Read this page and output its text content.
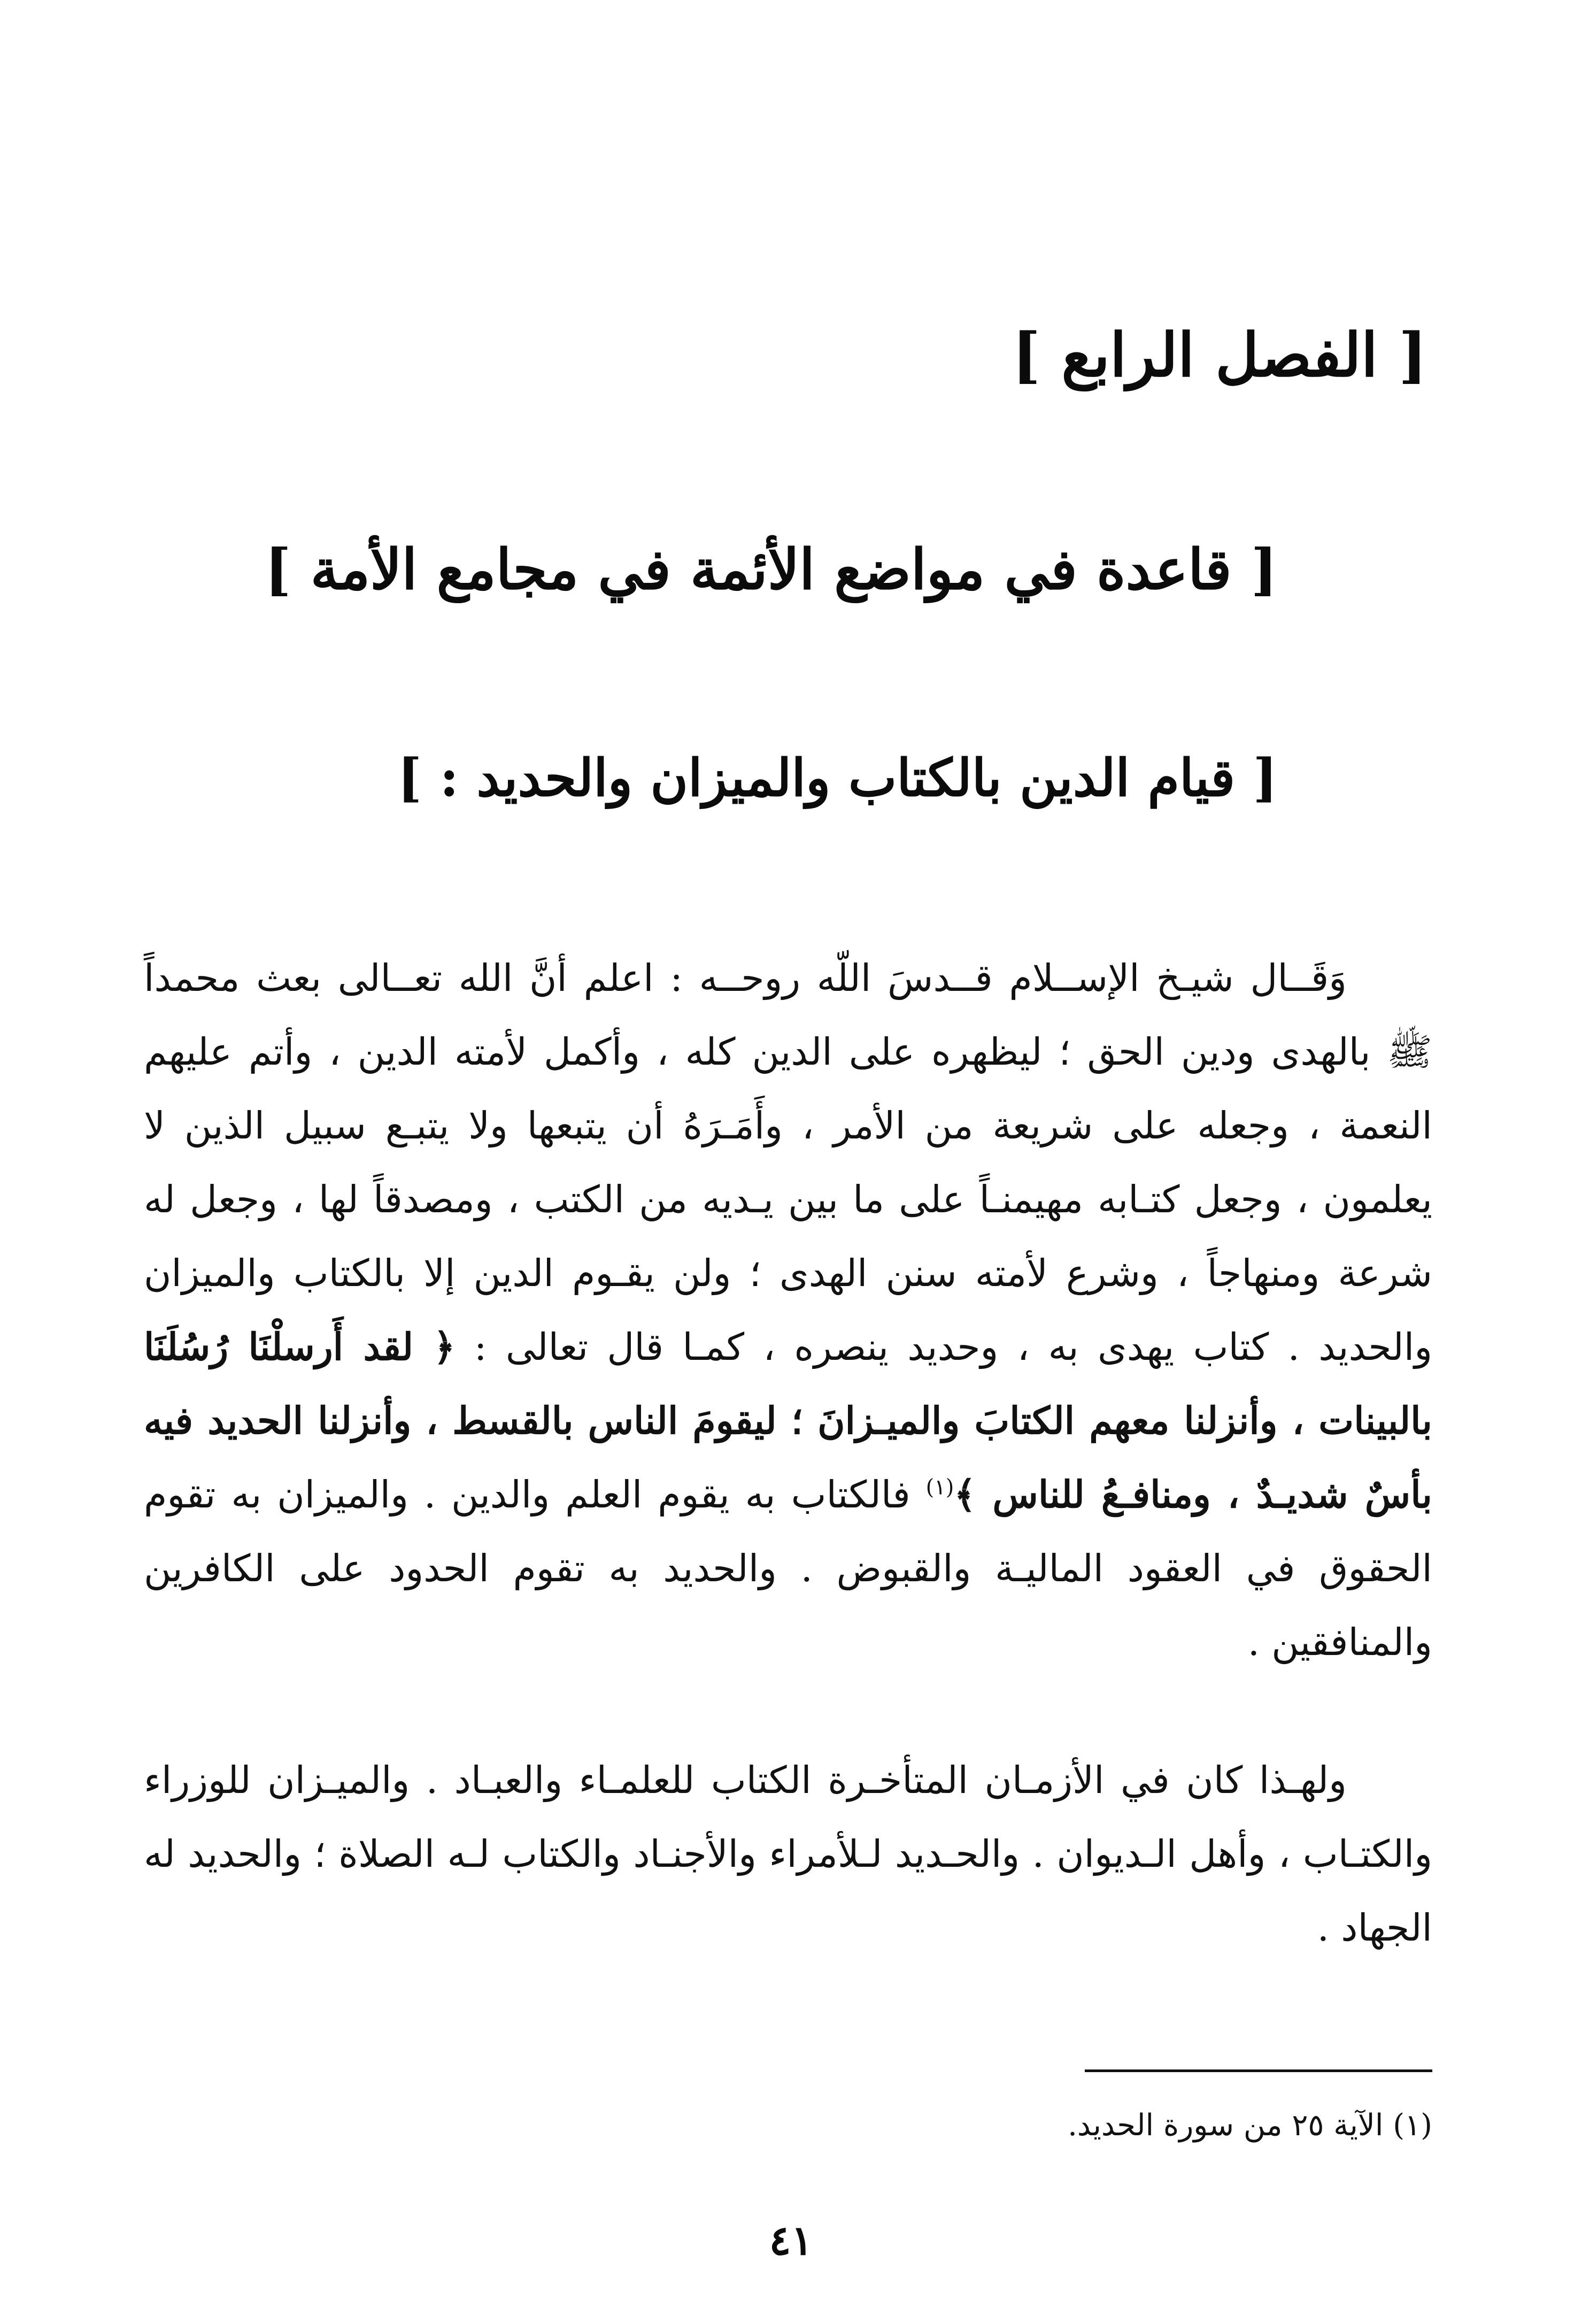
[ الفصل الرابع ]
[ قاعدة في مواضع الأئمة في مجامع الأمة ]
[ قيام الدين بالكتاب والميزان والحديد : ]

وَقَــال شيـخ الإســلام قــدسَ اللّه روحــه : اعلم أنَّ الله تعــالى بعث محمداً ﷺ بالهدى ودين الحق ؛ ليظهره على الدين كله ، وأكمل لأمته الدين ، وأتم عليهم النعمة ، وجعله على شريعة من الأمر ، وأَمَـرَهُ أن يتبعها ولا يتبـع سبيل الذين لا يعلمون ، وجعل كتـابه مهيمنـاً على ما بين يـديه من الكتب ، ومصدقاً لها ، وجعل له شرعة ومنهاجاً ، وشرع لأمته سنن الهدى ؛ ولن يقـوم الدين إلا بالكتاب والميزان والحديد . كتاب يهدى به ، وحديد ينصره ، كمـا قال تعالى : ﴿ لقد أَرسلْنَا رُسُلَنَا بالبينات ، وأنزلنا معهم الكتابَ والميـزانَ ؛ ليقومَ الناس بالقسط ، وأنزلنا الحديد فيه بأسٌ شديـدٌ ، ومنافـعُ للناس ﴾$^{(١)}$ فالكتاب به يقوم العلم والدين . والميزان به تقوم الحقوق في العقود الماليـة والقبوض . والحديد به تقوم الحدود على الكافرين والمنافقين .

ولهـذا كان في الأزمـان المتأخـرة الكتاب للعلمـاء والعبـاد . والميـزان للوزراء والكتـاب ، وأهل الـديوان . والحـديد لـلأمراء والأجنـاد والكتاب لـه الصلاة ؛ والحديد له الجهاد .

(١) الآية ٢٥ من سورة الحديد.
٤١
